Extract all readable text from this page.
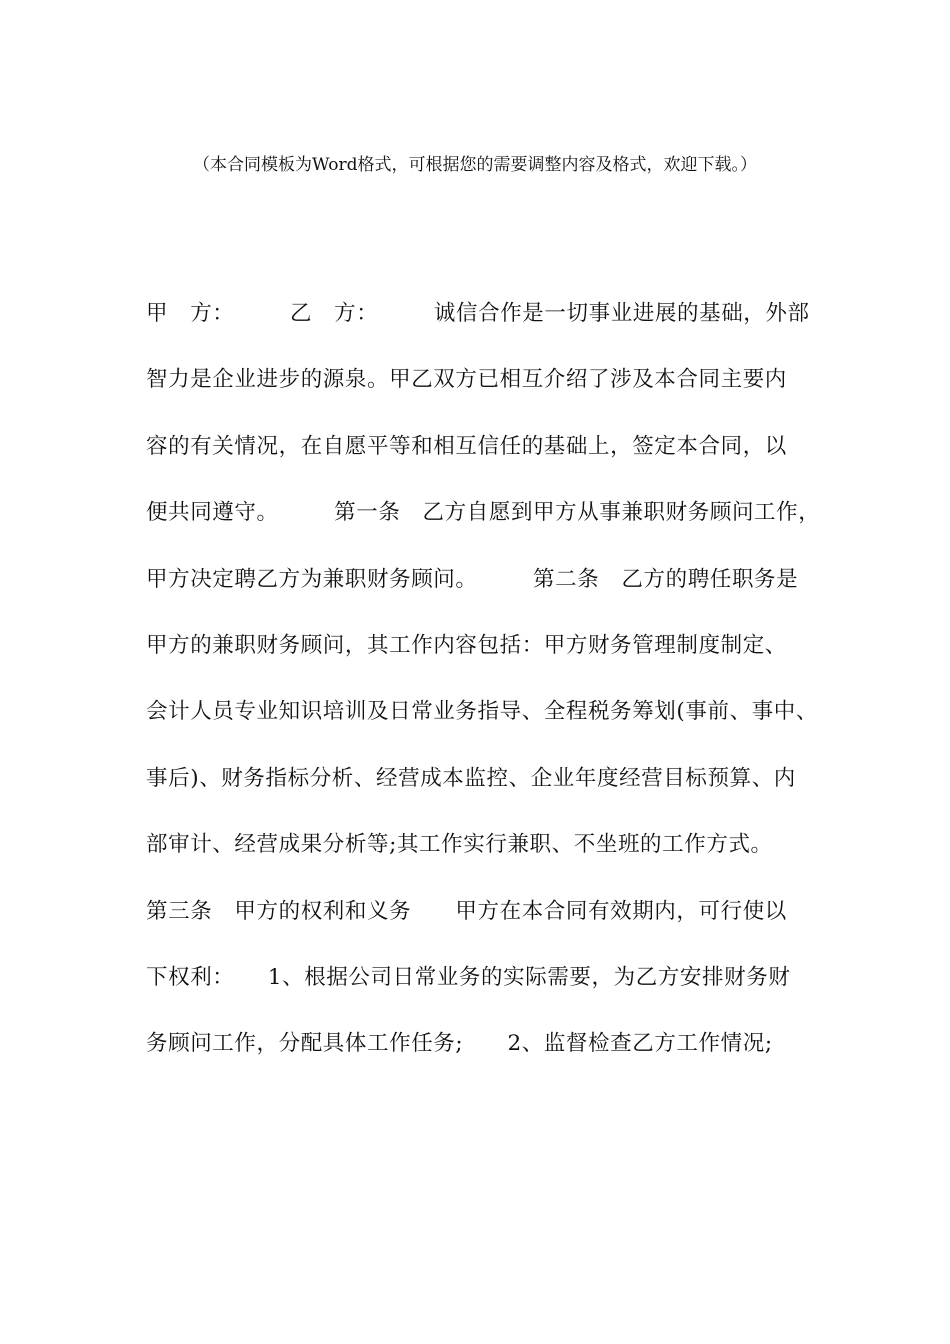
（本合同模板为Word格式，可根据您的需要调整内容及格式，欢迎下载。）
甲　方：　　　乙　方：　　　诚信合作是一切事业进展的基础，外部
智力是企业进步的源泉。甲乙双方已相互介绍了涉及本合同主要内
容的有关情况，在自愿平等和相互信任的基础上，签定本合同，以
便共同遵守。　　　第一条　乙方自愿到甲方从事兼职财务顾问工作，
甲方决定聘乙方为兼职财务顾问。　　　第二条　乙方的聘任职务是
甲方的兼职财务顾问，其工作内容包括：甲方财务管理制度制定、
会计人员专业知识培训及日常业务指导、全程税务筹划(事前、事中、
事后)、财务指标分析、经营成本监控、企业年度经营目标预算、内
部审计、经营成果分析等;其工作实行兼职、不坐班的工作方式。
第三条　甲方的权利和义务　　甲方在本合同有效期内，可行使以
下权利：　　1、根据公司日常业务的实际需要，为乙方安排财务财
务顾问工作，分配具体工作任务;　　2、监督检查乙方工作情况;
